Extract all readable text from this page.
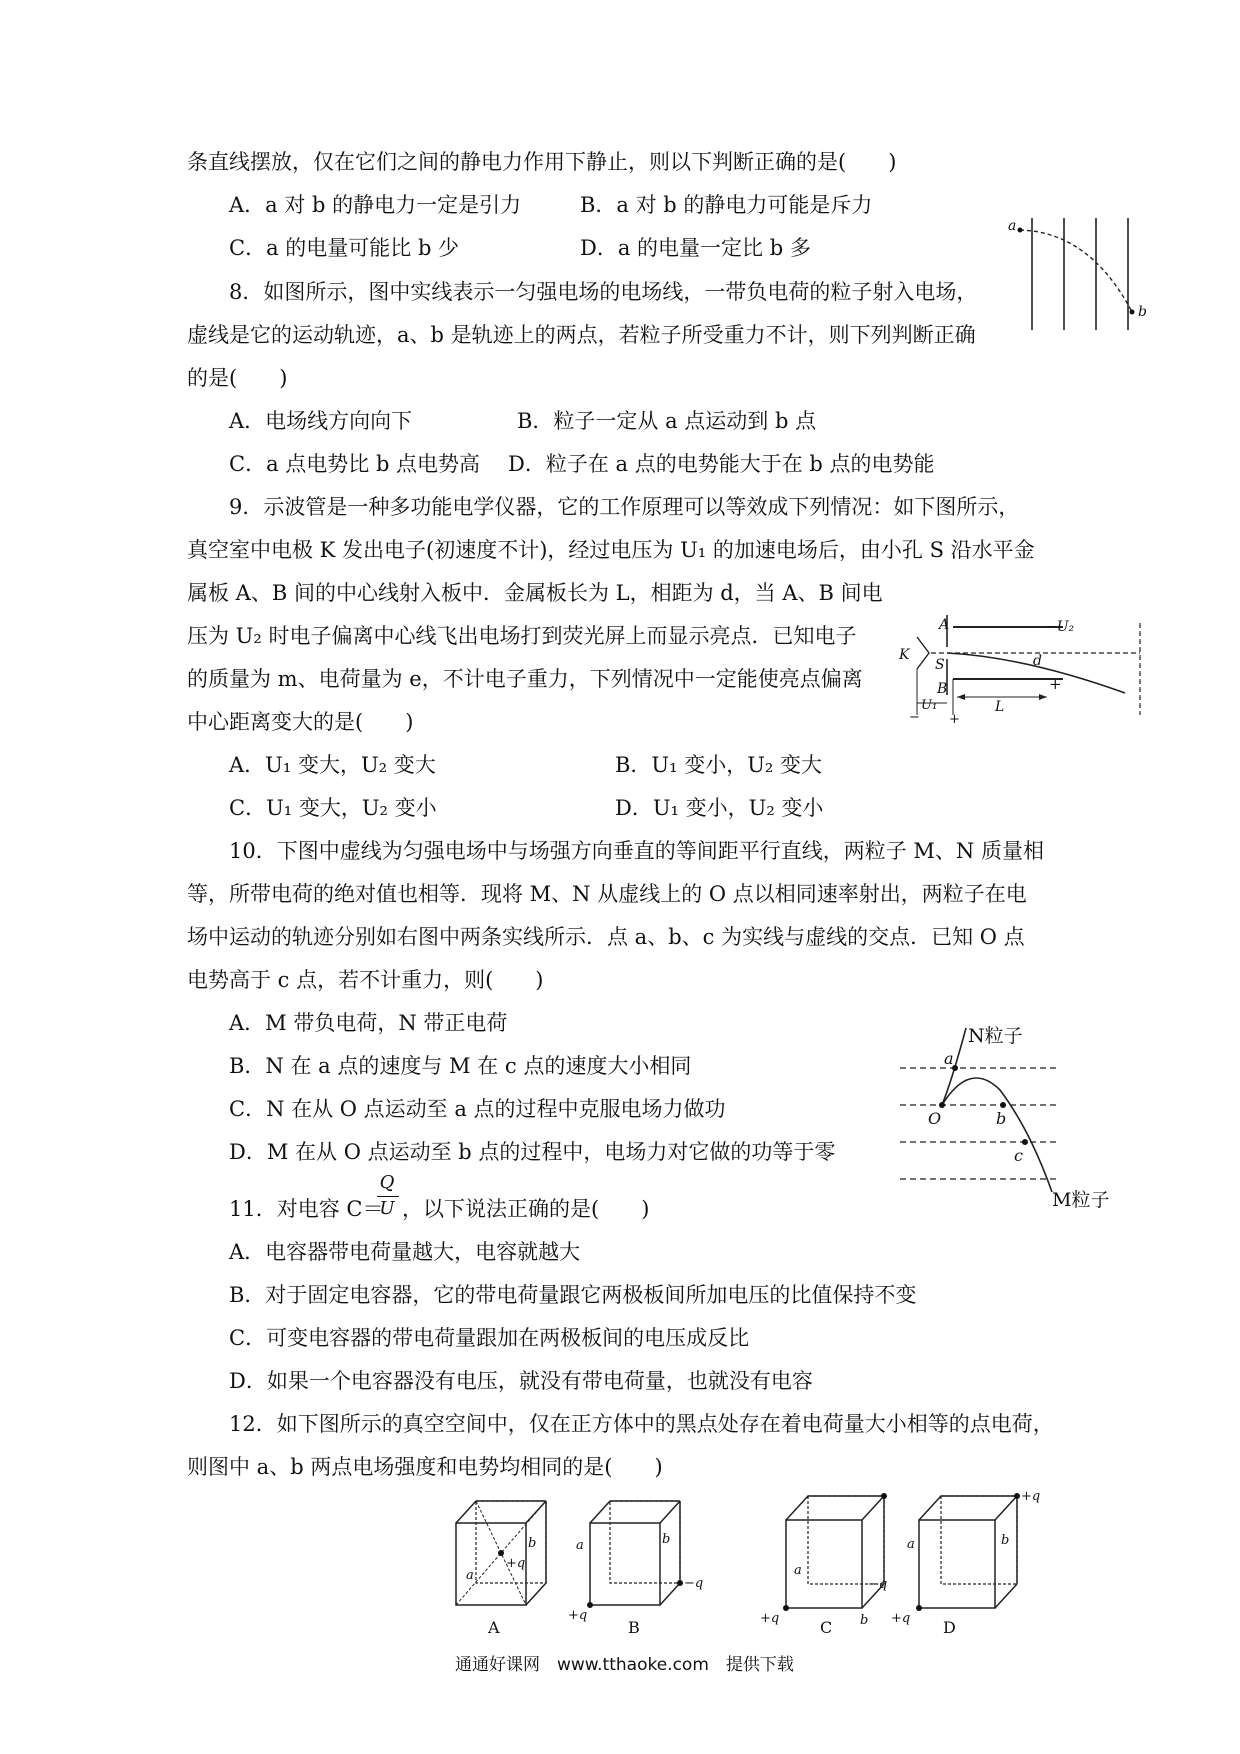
条直线摆放，仅在它们之间的静电力作用下静止，则以下判断正确的是(　　)
A．a 对 b 的静电力一定是引力	B．a 对 b 的静电力可能是斥力
C．a 的电量可能比 b 少	D．a 的电量一定比 b 多
8．如图所示，图中实线表示一匀强电场的电场线，一带负电荷的粒子射入电场，
虚线是它的运动轨迹，a、b 是轨迹上的两点，若粒子所受重力不计，则下列判断正确
的是(　　)
A．电场线方向向下	B．粒子一定从 a 点运动到 b 点
C．a 点电势比 b 点电势高 D．粒子在 a 点的电势能大于在 b 点的电势能
a
b
9．示波管是一种多功能电学仪器，它的工作原理可以等效成下列情况：如下图所示，
真空室中电极 K 发出电子(初速度不计)，经过电压为 U₁ 的加速电场后，由小孔 S 沿水平金
属板 A、B 间的中心线射入板中．金属板长为 L，相距为 d，当 A、B 间电
压为 U₂ 时电子偏离中心线飞出电场打到荧光屏上而显示亮点．已知电子
的质量为 m、电荷量为 e，不计电子重力，下列情况中一定能使亮点偏离
中心距离变大的是(　　)
A．U₁ 变大，U₂ 变大	B．U₁ 变小，U₂ 变大
C．U₁ 变大，U₂ 变小	D．U₁ 变小，U₂ 变小
A	−U₂
K
S	d
B	+
U₁	L
− +
10．下图中虚线为匀强电场中与场强方向垂直的等间距平行直线，两粒子 M、N 质量相
等，所带电荷的绝对值也相等．现将 M、N 从虚线上的 O 点以相同速率射出，两粒子在电
场中运动的轨迹分别如右图中两条实线所示．点 a、b、c 为实线与虚线的交点．已知 O 点
电势高于 c 点，若不计重力，则(　　)
A．M 带负电荷，N 带正电荷
B．N 在 a 点的速度与 M 在 c 点的速度大小相同
C．N 在从 O 点运动至 a 点的过程中克服电场力做功
D．M 在从 O 点运动至 b 点的过程中，电场力对它做的功等于零
N粒子
M粒子
a
O	b
c
11．对电容 C＝
Q
U ，以下说法正确的是(　　)
A．电容器带电荷量越大，电容就越大
B．对于固定电容器，它的带电荷量跟它两极板间所加电压的比值保持不变
C．可变电容器的带电荷量跟加在两极板间的电压成反比
D．如果一个电容器没有电压，就没有带电荷量，也就没有电容
12．如下图所示的真空空间中，仅在正方体中的黑点处存在着电荷量大小相等的点电荷，
则图中 a、b 两点电场强度和电势均相同的是(　　)
b
+q
a
A
a	b
+q
−q
B
a
−q
+q	b
C
+q
a	b
+q D
通通好课网　www.tthaoke.com　提供下载
